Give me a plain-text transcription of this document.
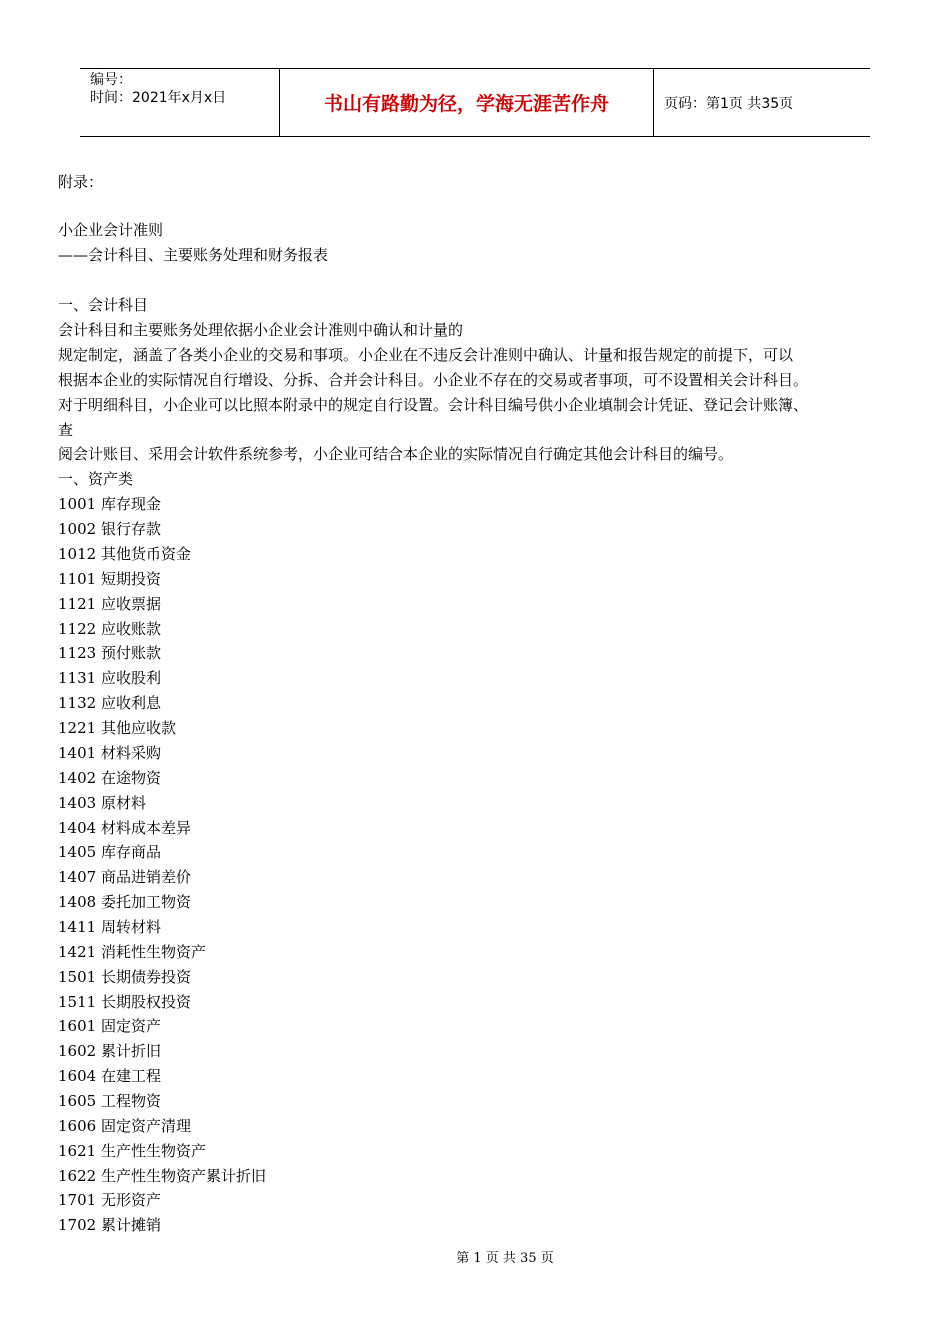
编号：
时间：2021年x月x日	书山有路勤为径，学海无涯苦作舟	页码：第1页 共35页
附录：
小企业会计准则
——会计科目、主要账务处理和财务报表
一、会计科目
会计科目和主要账务处理依据小企业会计准则中确认和计量的
规定制定，涵盖了各类小企业的交易和事项。小企业在不违反会计准则中确认、计量和报告规定的前提下，可以
根据本企业的实际情况自行增设、分拆、合并会计科目。小企业不存在的交易或者事项，可不设置相关会计科目。
对于明细科目，小企业可以比照本附录中的规定自行设置。会计科目编号供小企业填制会计凭证、登记会计账簿、
查
阅会计账目、采用会计软件系统参考，小企业可结合本企业的实际情况自行确定其他会计科目的编号。
一、资产类
1001 库存现金
1002 银行存款
1012 其他货币资金
1101 短期投资
1121 应收票据
1122 应收账款
1123 预付账款
1131 应收股利
1132 应收利息
1221 其他应收款
1401 材料采购
1402 在途物资
1403 原材料
1404 材料成本差异
1405 库存商品
1407 商品进销差价
1408 委托加工物资
1411 周转材料
1421 消耗性生物资产
1501 长期债券投资
1511 长期股权投资
1601 固定资产
1602 累计折旧
1604 在建工程
1605 工程物资
1606 固定资产清理
1621 生产性生物资产
1622 生产性生物资产累计折旧
1701 无形资产
1702 累计摊销
第 1 页 共 35 页
